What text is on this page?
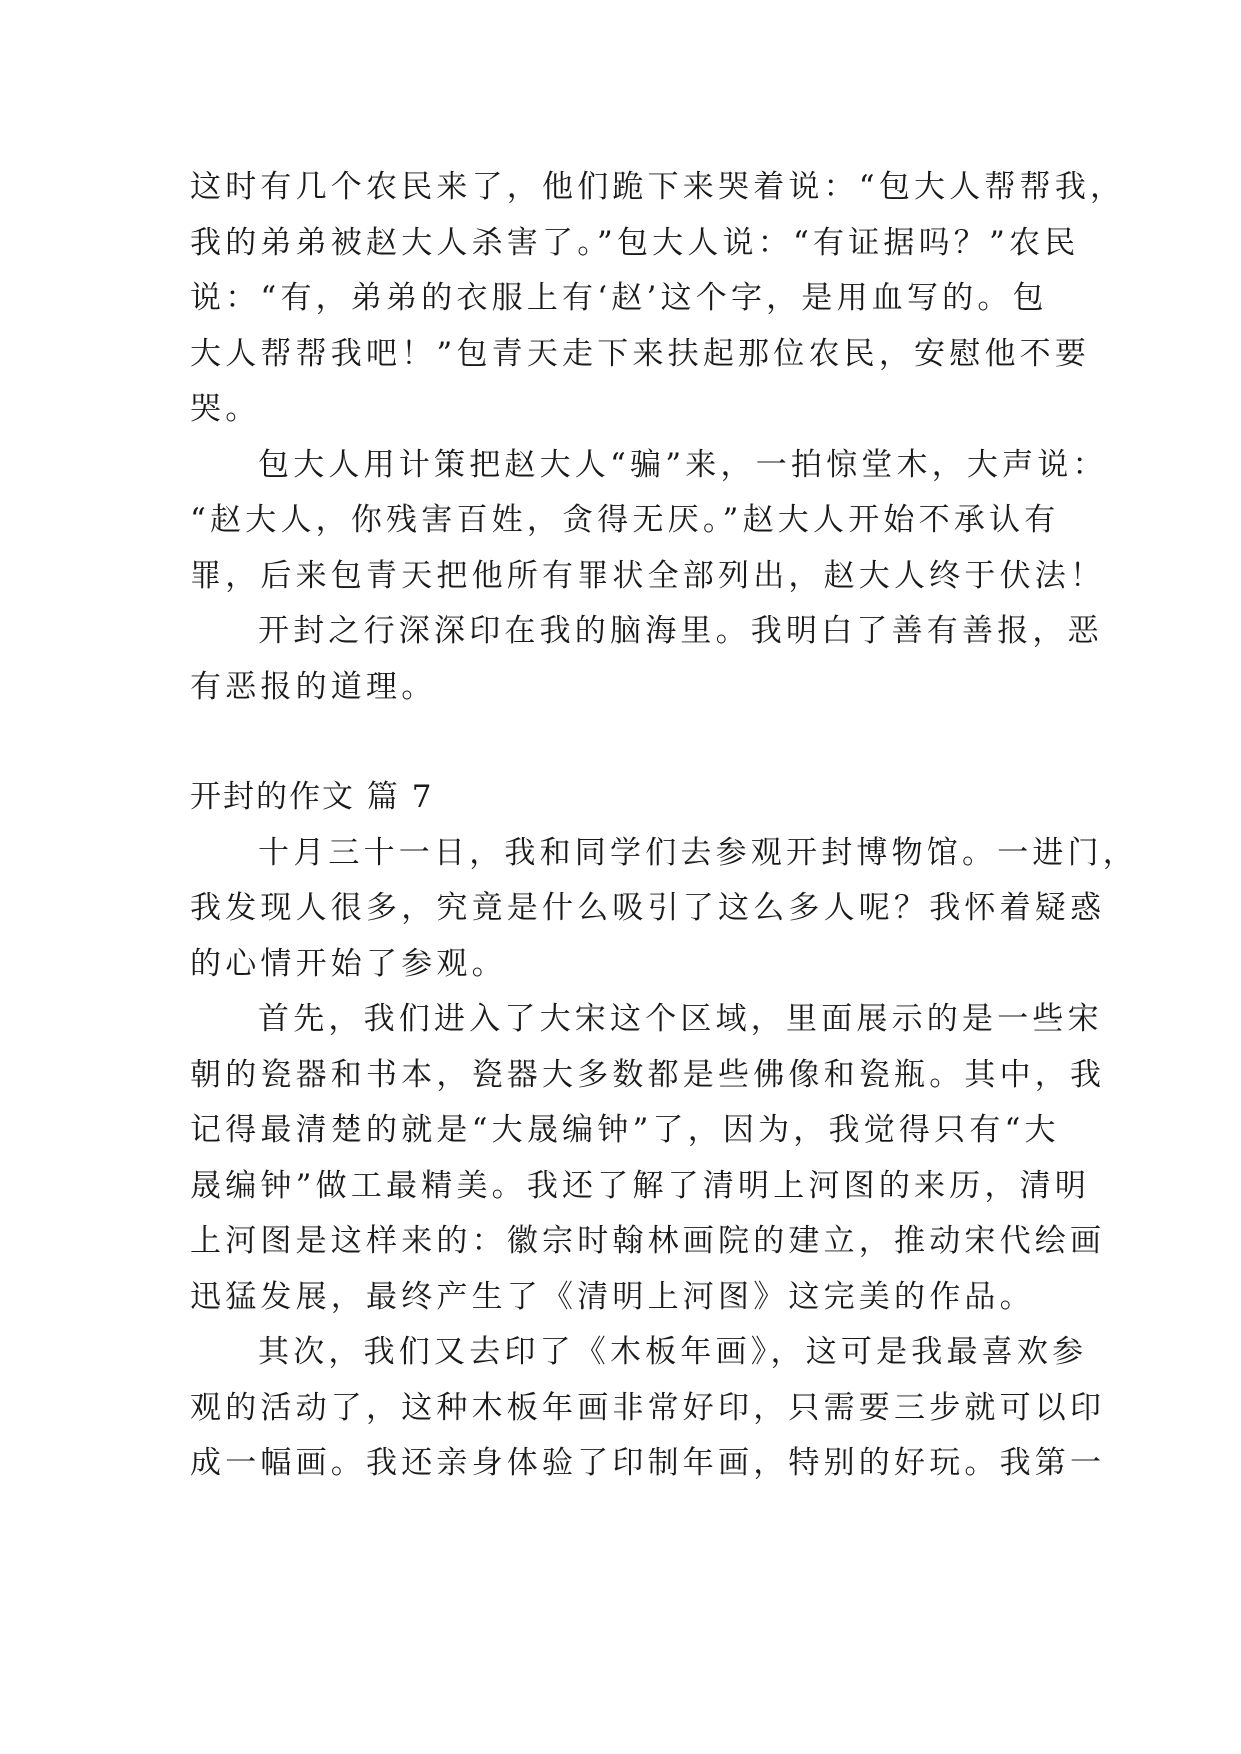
这时有几个农民来了，他们跪下来哭着说：“包大人帮帮我，
我的弟弟被赵大人杀害了。”包大人说：“有证据吗？”农民
说：“有，弟弟的衣服上有‘赵’这个字，是用血写的。包
大人帮帮我吧！”包青天走下来扶起那位农民，安慰他不要
哭。
包大人用计策把赵大人“骗”来，一拍惊堂木，大声说：
“赵大人，你残害百姓，贪得无厌。”赵大人开始不承认有
罪，后来包青天把他所有罪状全部列出，赵大人终于伏法！
开封之行深深印在我的脑海里。我明白了善有善报，恶
有恶报的道理。
开封的作文 篇 7
十月三十一日，我和同学们去参观开封博物馆。一进门，
我发现人很多，究竟是什么吸引了这么多人呢？我怀着疑惑
的心情开始了参观。
首先，我们进入了大宋这个区域，里面展示的是一些宋
朝的瓷器和书本，瓷器大多数都是些佛像和瓷瓶。其中，我
记得最清楚的就是“大晟编钟”了，因为，我觉得只有“大
晟编钟”做工最精美。我还了解了清明上河图的来历，清明
上河图是这样来的：徽宗时翰林画院的建立，推动宋代绘画
迅猛发展，最终产生了《清明上河图》这完美的作品。
其次，我们又去印了《木板年画》，这可是我最喜欢参
观的活动了，这种木板年画非常好印，只需要三步就可以印
成一幅画。我还亲身体验了印制年画，特别的好玩。我第一
